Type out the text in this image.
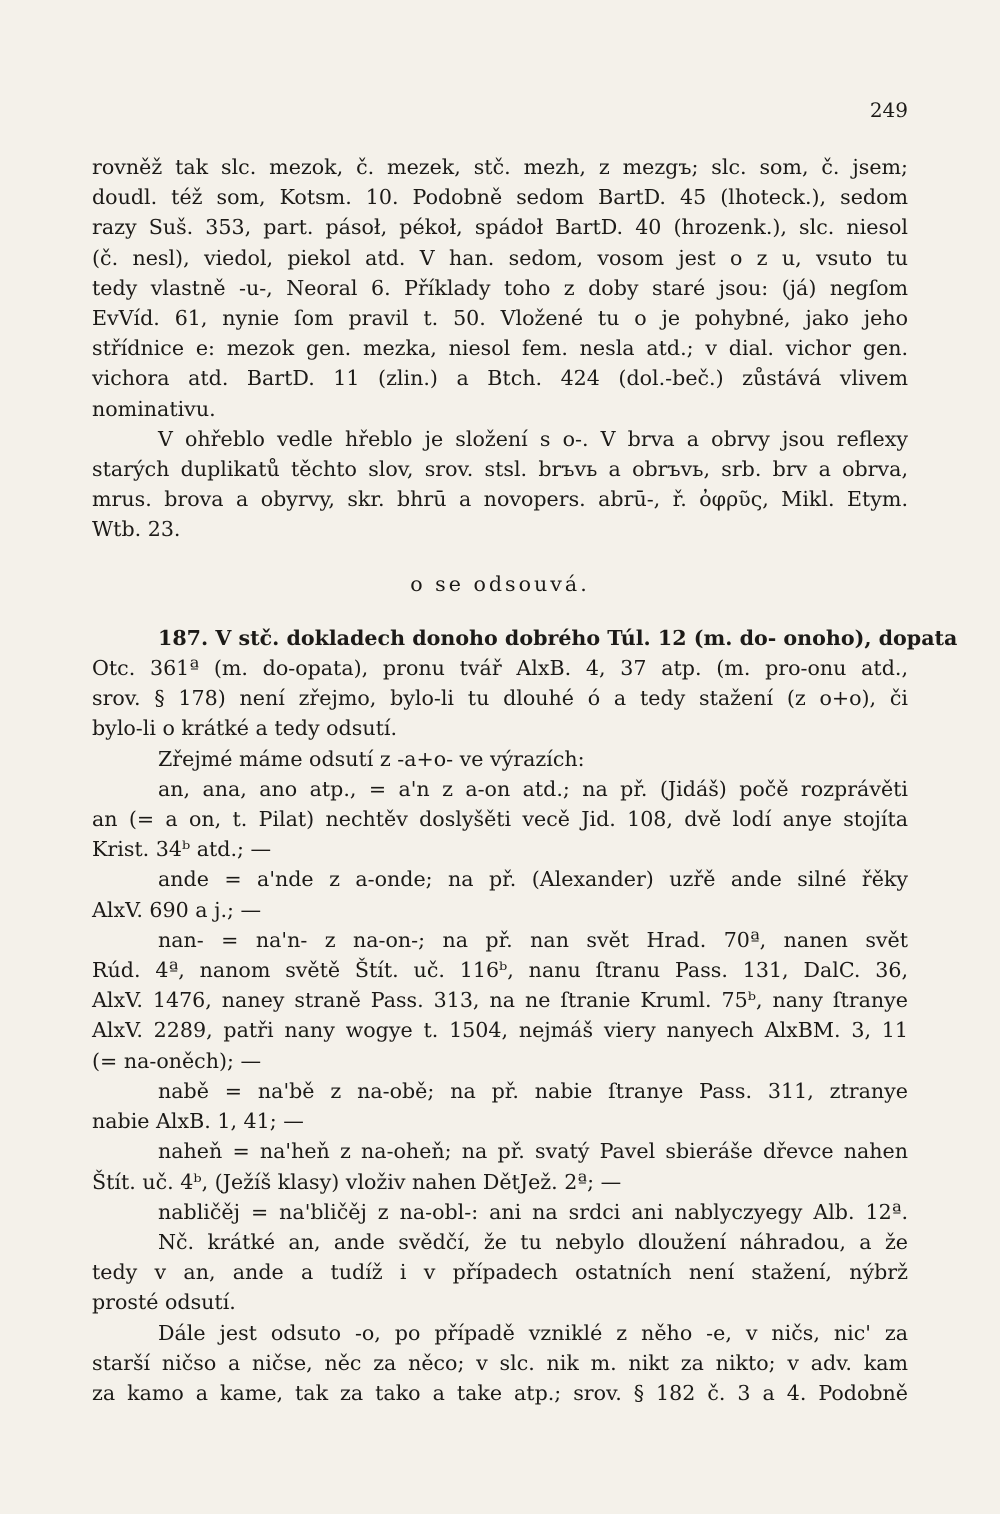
249
rovněž tak slc. mezok, č. mezek, stč. mezh, z mezgъ; slc. som, č. jsem;
doudl. též som, Kotsm. 10. Podobně sedom BartD. 45 (lhoteck.), sedom
razy Suš. 353, part. pásoł, pékoł, spádoł BartD. 40 (hrozenk.), slc. niesol
(č. nesl), viedol, piekol atd. V han. sedom, vosom jest o z u, vsuto tu
tedy vlastně -u-, Neoral 6. Příklady toho z doby staré jsou: (já) negſom
EvVíd. 61, nynie ſom pravil t. 50. Vložené tu o je pohybné, jako jeho
střídnice e: mezok gen. mezka, niesol fem. nesla atd.; v dial. vichor gen.
vichora atd. BartD. 11 (zlin.) a Btch. 424 (dol.-beč.) zůstává vlivem
nominativu.
V ohřeblo vedle hřeblo je složení s o-. V brva a obrvy jsou reflexy
starých duplikatů těchto slov, srov. stsl. brъvь a obrъvь, srb. brv a obrva,
mrus. brova a obyrvy, skr. bhrū a novopers. abrū-, ř. ὀφρῦς, Mikl. Etym.
Wtb. 23.
o se odsouvá.
187. V stč. dokladech donoho dobrého Túl. 12 (m. do- onoho), dopata
Otc. 361ª (m. do-opata), pronu tvář AlxB. 4, 37 atp. (m. pro-onu atd.,
srov. § 178) není zřejmo, bylo-li tu dlouhé ó a tedy stažení (z o+o), či
bylo-li o krátké a tedy odsutí.
Zřejmé máme odsutí z -a+o- ve výrazích:
an, ana, ano atp., = a'n z a-on atd.; na př. (Jidáš) počě rozprávěti
an (= a on, t. Pilat) nechtěv doslyšěti vecě Jid. 108, dvě lodí anye stojíta
Krist. 34ᵇ atd.; —
ande = a'nde z a-onde; na př. (Alexander) uzřě ande silné řěky
AlxV. 690 a j.; —
nan- = na'n- z na-on-; na př. nan svět Hrad. 70ª, nanen svět
Rúd. 4ª, nanom světě Štít. uč. 116ᵇ, nanu ſtranu Pass. 131, DalC. 36,
AlxV. 1476, naney straně Pass. 313, na ne ſtranie Kruml. 75ᵇ, nany ſtranye
AlxV. 2289, patři nany wogye t. 1504, nejmáš viery nanyech AlxBM. 3, 11
(= na-oněch); —
nabě = na'bě z na-obě; na př. nabie ſtranye Pass. 311, ztranye
nabie AlxB. 1, 41; —
naheň = na'heň z na-oheň; na př. svatý Pavel sbieráše dřevce nahen
Štít. uč. 4ᵇ, (Ježíš klasy) vloživ nahen DětJež. 2ª; —
nabličěj = na'bličěj z na-obl-: ani na srdci ani nablyczyegy Alb. 12ª.
Nč. krátké an, ande svědčí, že tu nebylo dloužení náhradou, a že
tedy v an, ande a tudíž i v případech ostatních není stažení, nýbrž
prosté odsutí.
Dále jest odsuto -o, po případě vzniklé z něho -e, v ničs, nic' za
starší ničso a ničse, něc za něco; v slc. nik m. nikt za nikto; v adv. kam
za kamo a kame, tak za tako a take atp.; srov. § 182 č. 3 a 4. Podobně
